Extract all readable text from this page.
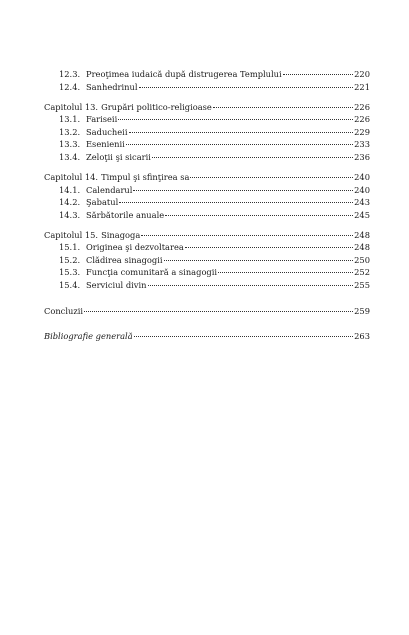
12.3. Preoţimea iudaică după distrugerea Templului	220
12.4. Sanhedrinul	221
Capitolul 13. Grupări politico-religioase	226
13.1. Fariseii	226
13.2. Saducheii	229
13.3. Esenienii	233
13.4. Zeloţii şi sicarii	236
Capitolul 14. Timpul şi sfinţirea sa	240
14.1. Calendarul	240
14.2. Şabatul	243
14.3. Sărbătorile anuale	245
Capitolul 15. Sinagoga	248
15.1. Originea şi dezvoltarea	248
15.2. Clădirea sinagogii	250
15.3. Funcţia comunitară a sinagogii	252
15.4. Serviciul divin	255
Concluzii	259
Bibliografie generală	263
